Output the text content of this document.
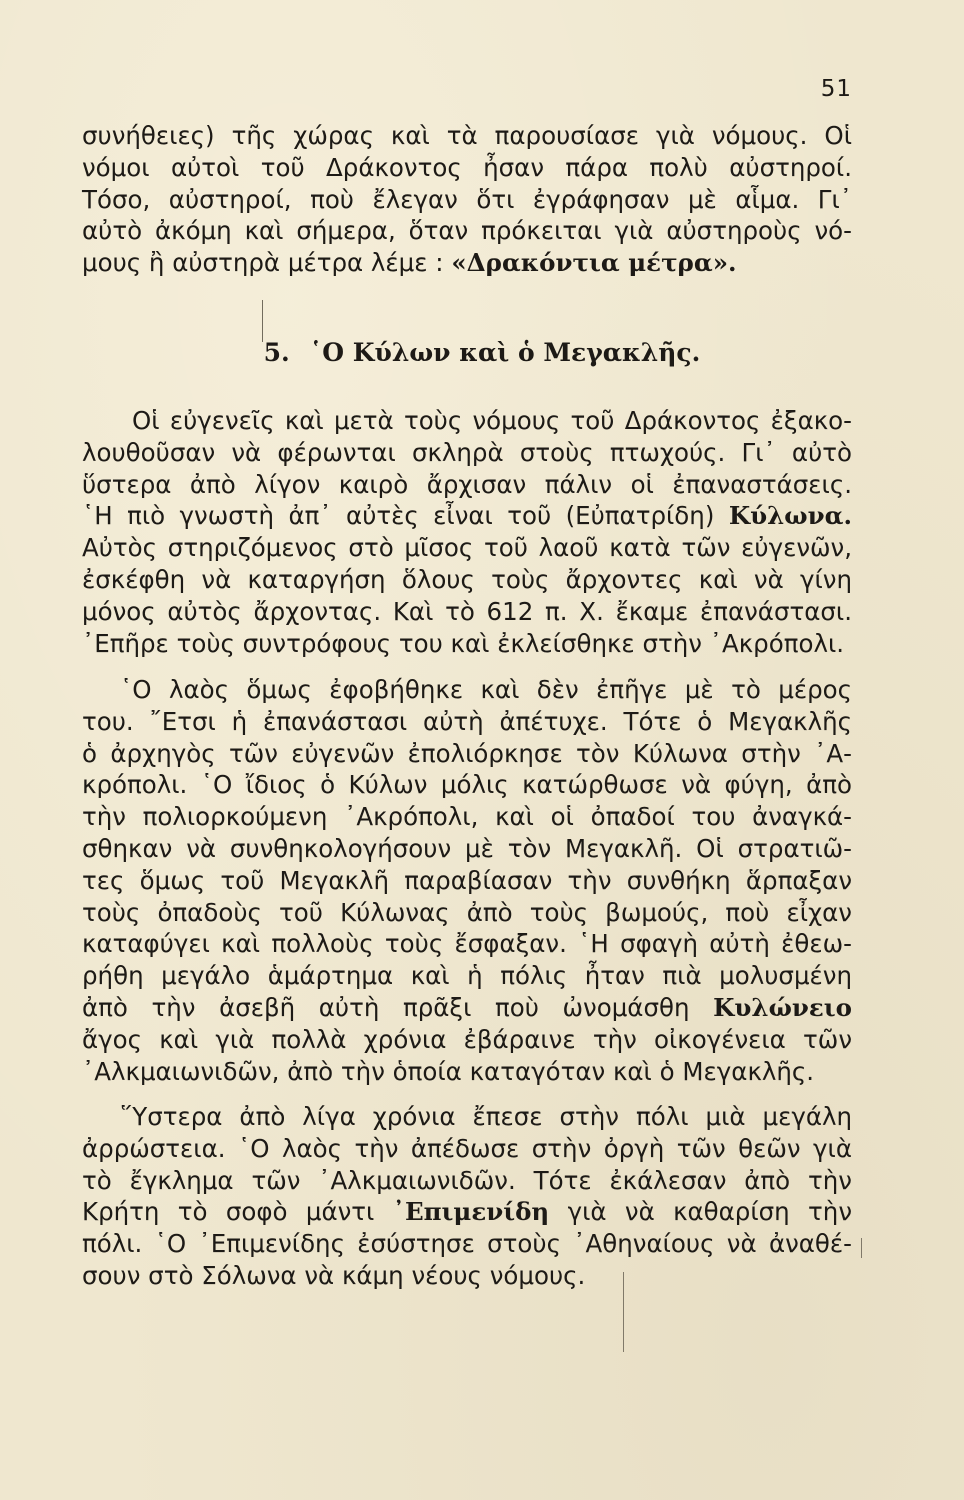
51
συνήθειες) τῆς χώρας καὶ τὰ παρουσίασε γιὰ νόμους. Οἱ
νόμοι αὐτοὶ τοῦ Δράκοντος ἦσαν πάρα πολὺ αὐστηροί.
Τόσο, αὐστηροί, ποὺ ἔλεγαν ὅτι ἐγράφησαν μὲ αἷμα. Γι᾽
αὐτὸ ἀκόμη καὶ σήμερα, ὅταν πρόκειται γιὰ αὐστηροὺς νό-
μους ἢ αὐστηρὰ μέτρα λέμε : «Δρακόντια μέτρα».
5. ῾Ο Κύλων καὶ ὁ Μεγακλῆς.
Οἱ εὐγενεῖς καὶ μετὰ τοὺς νόμους τοῦ Δράκοντος ἐξακο-
λουθοῦσαν νὰ φέρωνται σκληρὰ στοὺς πτωχούς. Γι᾽ αὐτὸ
ὕστερα ἀπὸ λίγον καιρὸ ἄρχισαν πάλιν οἱ ἐπαναστάσεις.
῾Η πιὸ γνωστὴ ἀπ᾽ αὐτὲς εἶναι τοῦ (Εὐπατρίδη) Κύλωνα.
Αὐτὸς στηριζόμενος στὸ μῖσος τοῦ λαοῦ κατὰ τῶν εὐγενῶν,
ἐσκέφθη νὰ καταργήση ὅλους τοὺς ἄρχοντες καὶ νὰ γίνη
μόνος αὐτὸς ἄρχοντας. Καὶ τὸ 612 π. Χ. ἔκαμε ἐπανάστασι.
᾽Επῆρε τοὺς συντρόφους του καὶ ἐκλείσθηκε στὴν ᾽Ακρόπολι.
῾Ο λαὸς ὅμως ἐφοβήθηκε καὶ δὲν ἐπῆγε μὲ τὸ μέρος
του. ῎Ετσι ἡ ἐπανάστασι αὐτὴ ἀπέτυχε. Τότε ὁ Μεγακλῆς
ὁ ἀρχηγὸς τῶν εὐγενῶν ἐπολιόρκησε τὸν Κύλωνα στὴν ᾽Α-
κρόπολι. ῾Ο ἴδιος ὁ Κύλων μόλις κατώρθωσε νὰ φύγη, ἀπὸ
τὴν πολιορκούμενη ᾽Ακρόπολι, καὶ οἱ ὀπαδοί του ἀναγκά-
σθηκαν νὰ συνθηκολογήσουν μὲ τὸν Μεγακλῆ. Οἱ στρατιῶ-
τες ὅμως τοῦ Μεγακλῆ παραβίασαν τὴν συνθήκη ἅρπαξαν
τοὺς ὀπαδοὺς τοῦ Κύλωνας ἀπὸ τοὺς βωμούς, ποὺ εἶχαν
καταφύγει καὶ πολλοὺς τοὺς ἔσφαξαν. ῾Η σφαγὴ αὐτὴ ἐθεω-
ρήθη μεγάλο ἁμάρτημα καὶ ἡ πόλις ἦταν πιὰ μολυσμένη
ἀπὸ τὴν ἀσεβῆ αὐτὴ πρᾶξι ποὺ ὠνομάσθη Κυλώνειο
ἄγος καὶ γιὰ πολλὰ χρόνια ἐβάραινε τὴν οἰκογένεια τῶν
᾽Αλκμαιωνιδῶν, ἀπὸ τὴν ὁποία καταγόταν καὶ ὁ Μεγακλῆς.
῞Υστερα ἀπὸ λίγα χρόνια ἔπεσε στὴν πόλι μιὰ μεγάλη
ἀρρώστεια. ῾Ο λαὸς τὴν ἀπέδωσε στὴν ὀργὴ τῶν θεῶν γιὰ
τὸ ἔγκλημα τῶν ᾽Αλκμαιωνιδῶν. Τότε ἐκάλεσαν ἀπὸ τὴν
Κρήτη τὸ σοφὸ μάντι ᾽Επιμενίδη γιὰ νὰ καθαρίση τὴν
πόλι. ῾Ο ᾽Επιμενίδης ἐσύστησε στοὺς ᾽Αθηναίους νὰ ἀναθέ-
σουν στὸ Σόλωνα νὰ κάμη νέους νόμους.
